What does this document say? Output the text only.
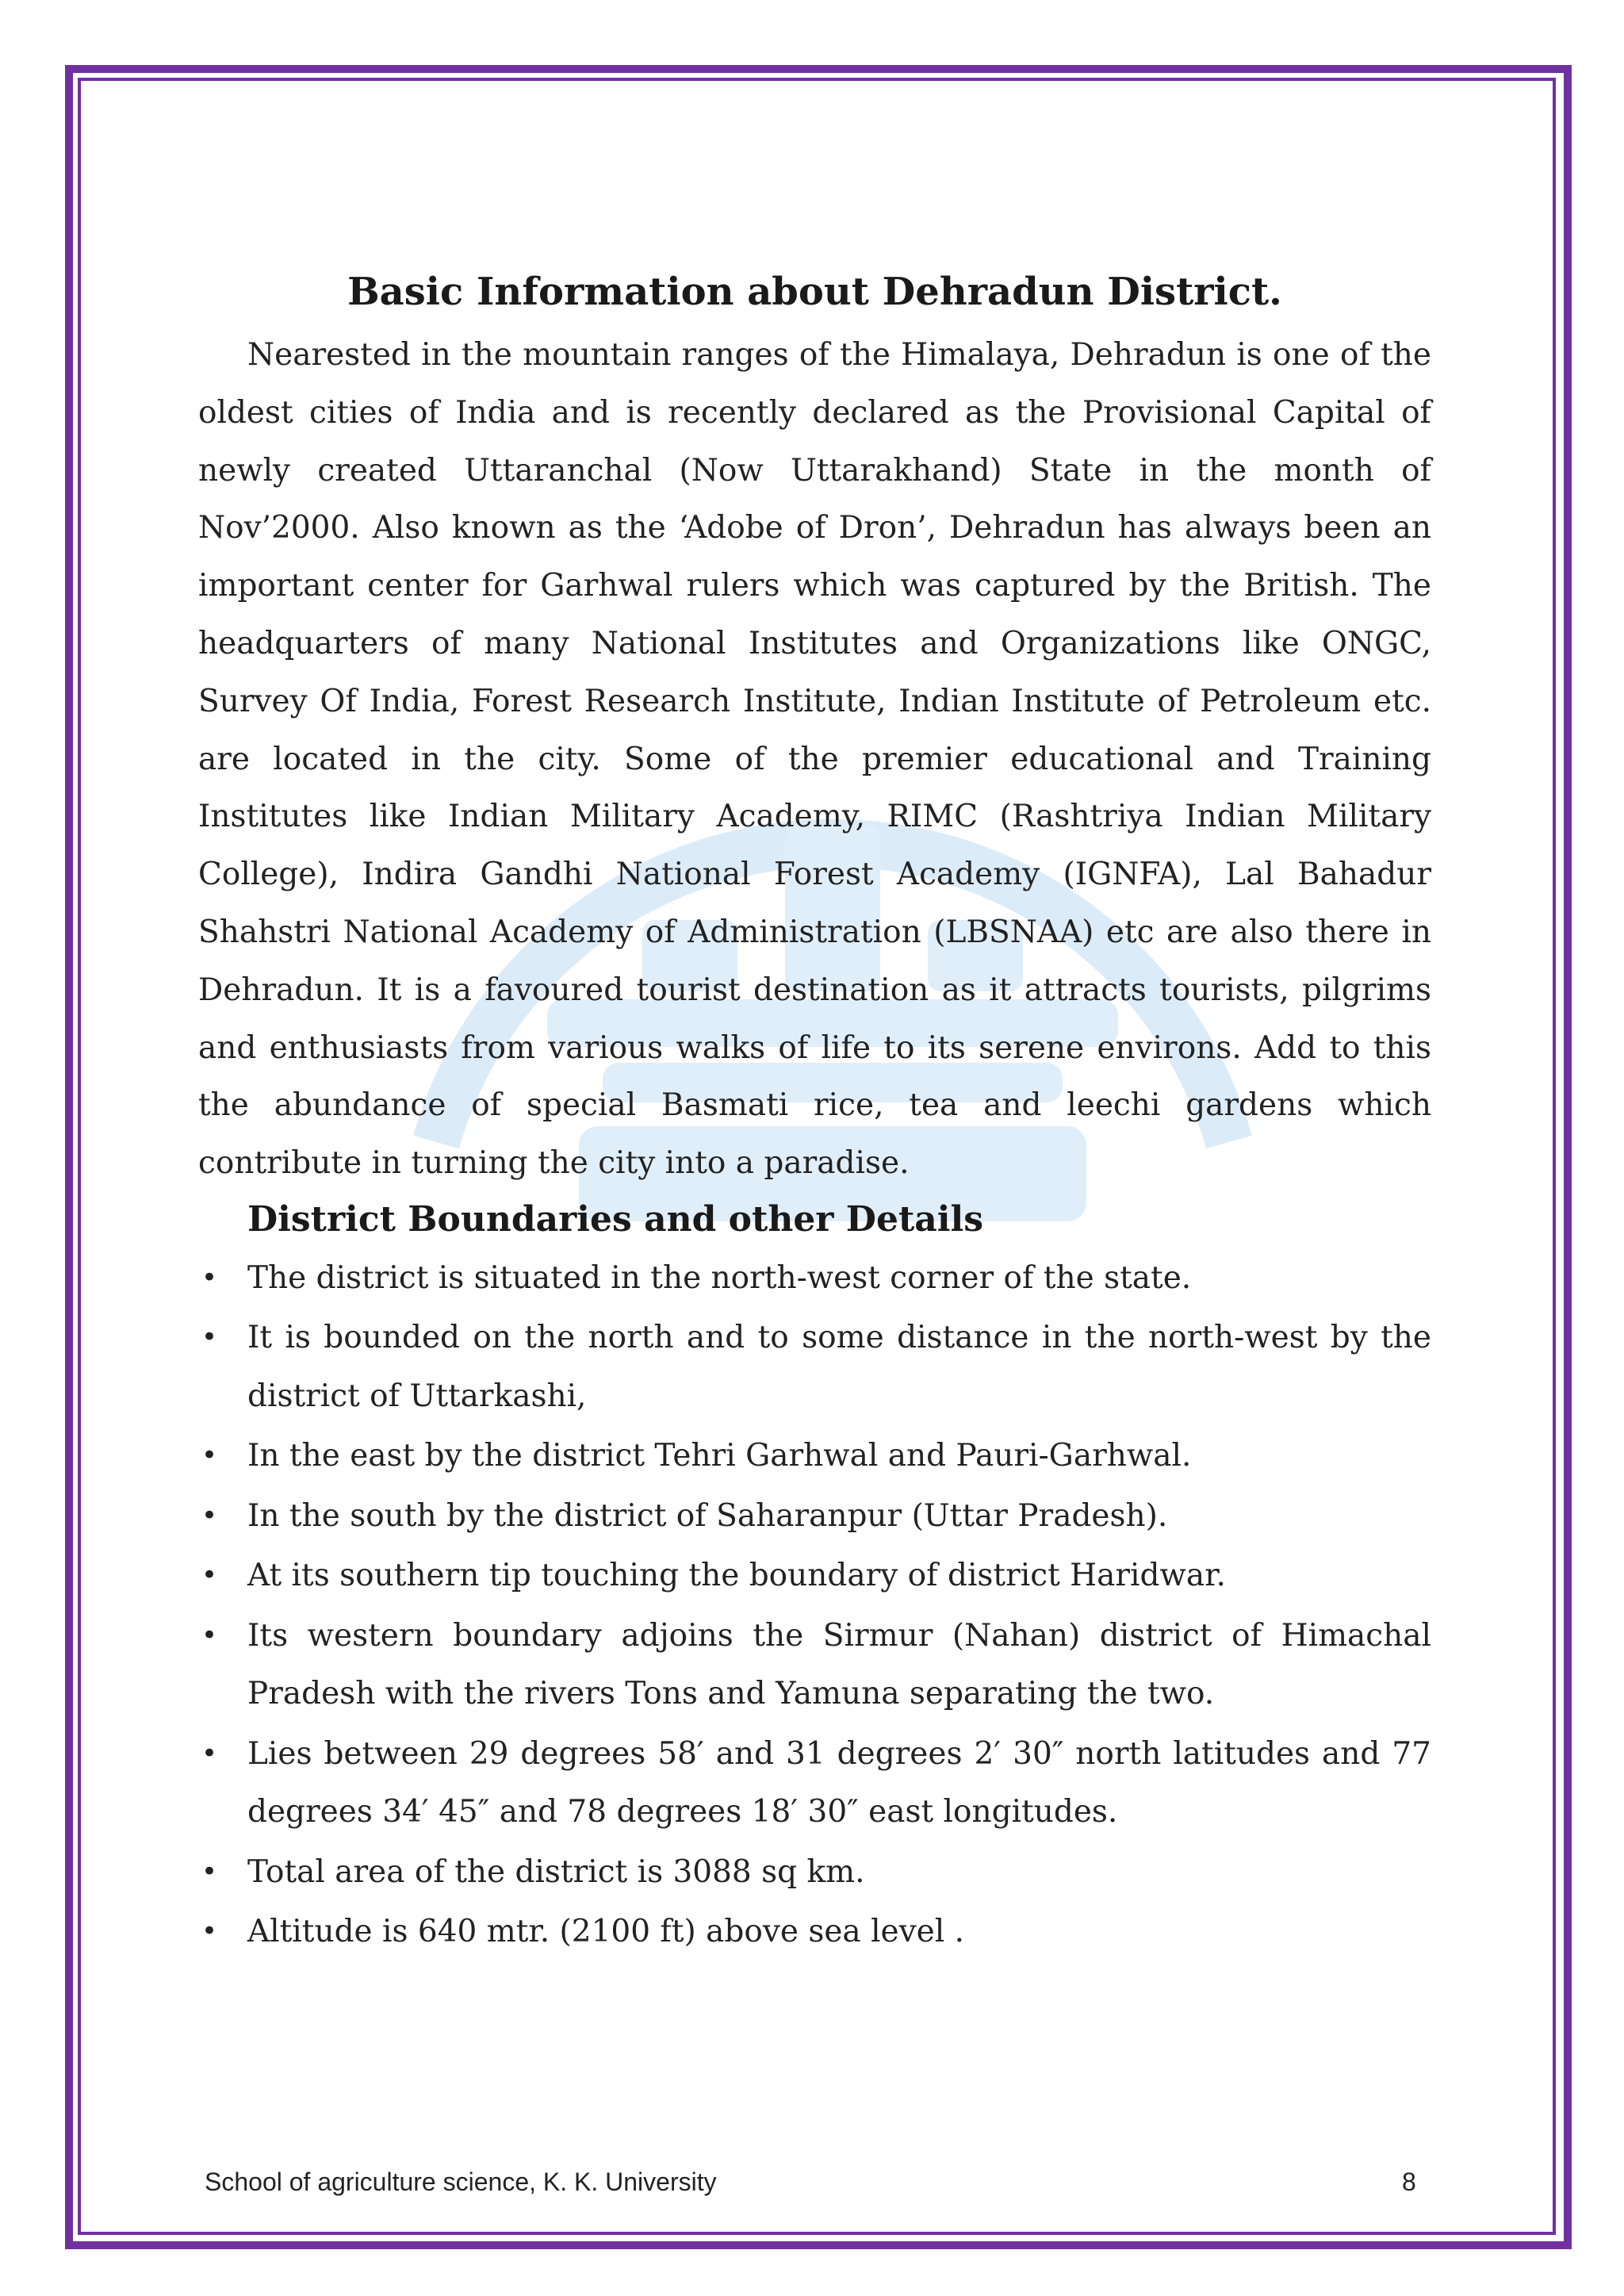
Basic Information about Dehradun District.

Nearested in the mountain ranges of the Himalaya, Dehradun is one of the oldest cities of India and is recently declared as the Provisional Capital of newly created Uttaranchal (Now Uttarakhand) State in the month of Nov’2000. Also known as the ‘Adobe of Dron’, Dehradun has always been an important center for Garhwal rulers which was captured by the British. The headquarters of many National Institutes and Organizations like ONGC, Survey Of India, Forest Research Institute, Indian Institute of Petroleum etc. are located in the city. Some of the premier educational and Training Institutes like Indian Military Academy, RIMC (Rashtriya Indian Military College), Indira Gandhi National Forest Academy (IGNFA), Lal Bahadur Shahstri National Academy of Administration (LBSNAA) etc are also there in Dehradun. It is a favoured tourist destination as it attracts tourists, pilgrims and enthusiasts from various walks of life to its serene environs. Add to this the abundance of special Basmati rice, tea and leechi gardens which contribute in turning the city into a paradise.

District Boundaries and other Details
• The district is situated in the north-west corner of the state.
• It is bounded on the north and to some distance in the north-west by the district of Uttarkashi,
• In the east by the district Tehri Garhwal and Pauri-Garhwal.
• In the south by the district of Saharanpur (Uttar Pradesh).
• At its southern tip touching the boundary of district Haridwar.
• Its western boundary adjoins the Sirmur (Nahan) district of Himachal Pradesh with the rivers Tons and Yamuna separating the two.
• Lies between 29 degrees 58′ and 31 degrees 2′ 30″ north latitudes and 77 degrees 34′ 45″ and 78 degrees 18′ 30″ east longitudes.
• Total area of the district is 3088 sq km.
• Altitude is 640 mtr. (2100 ft) above sea level .
School of agriculture science, K. K. University	8
